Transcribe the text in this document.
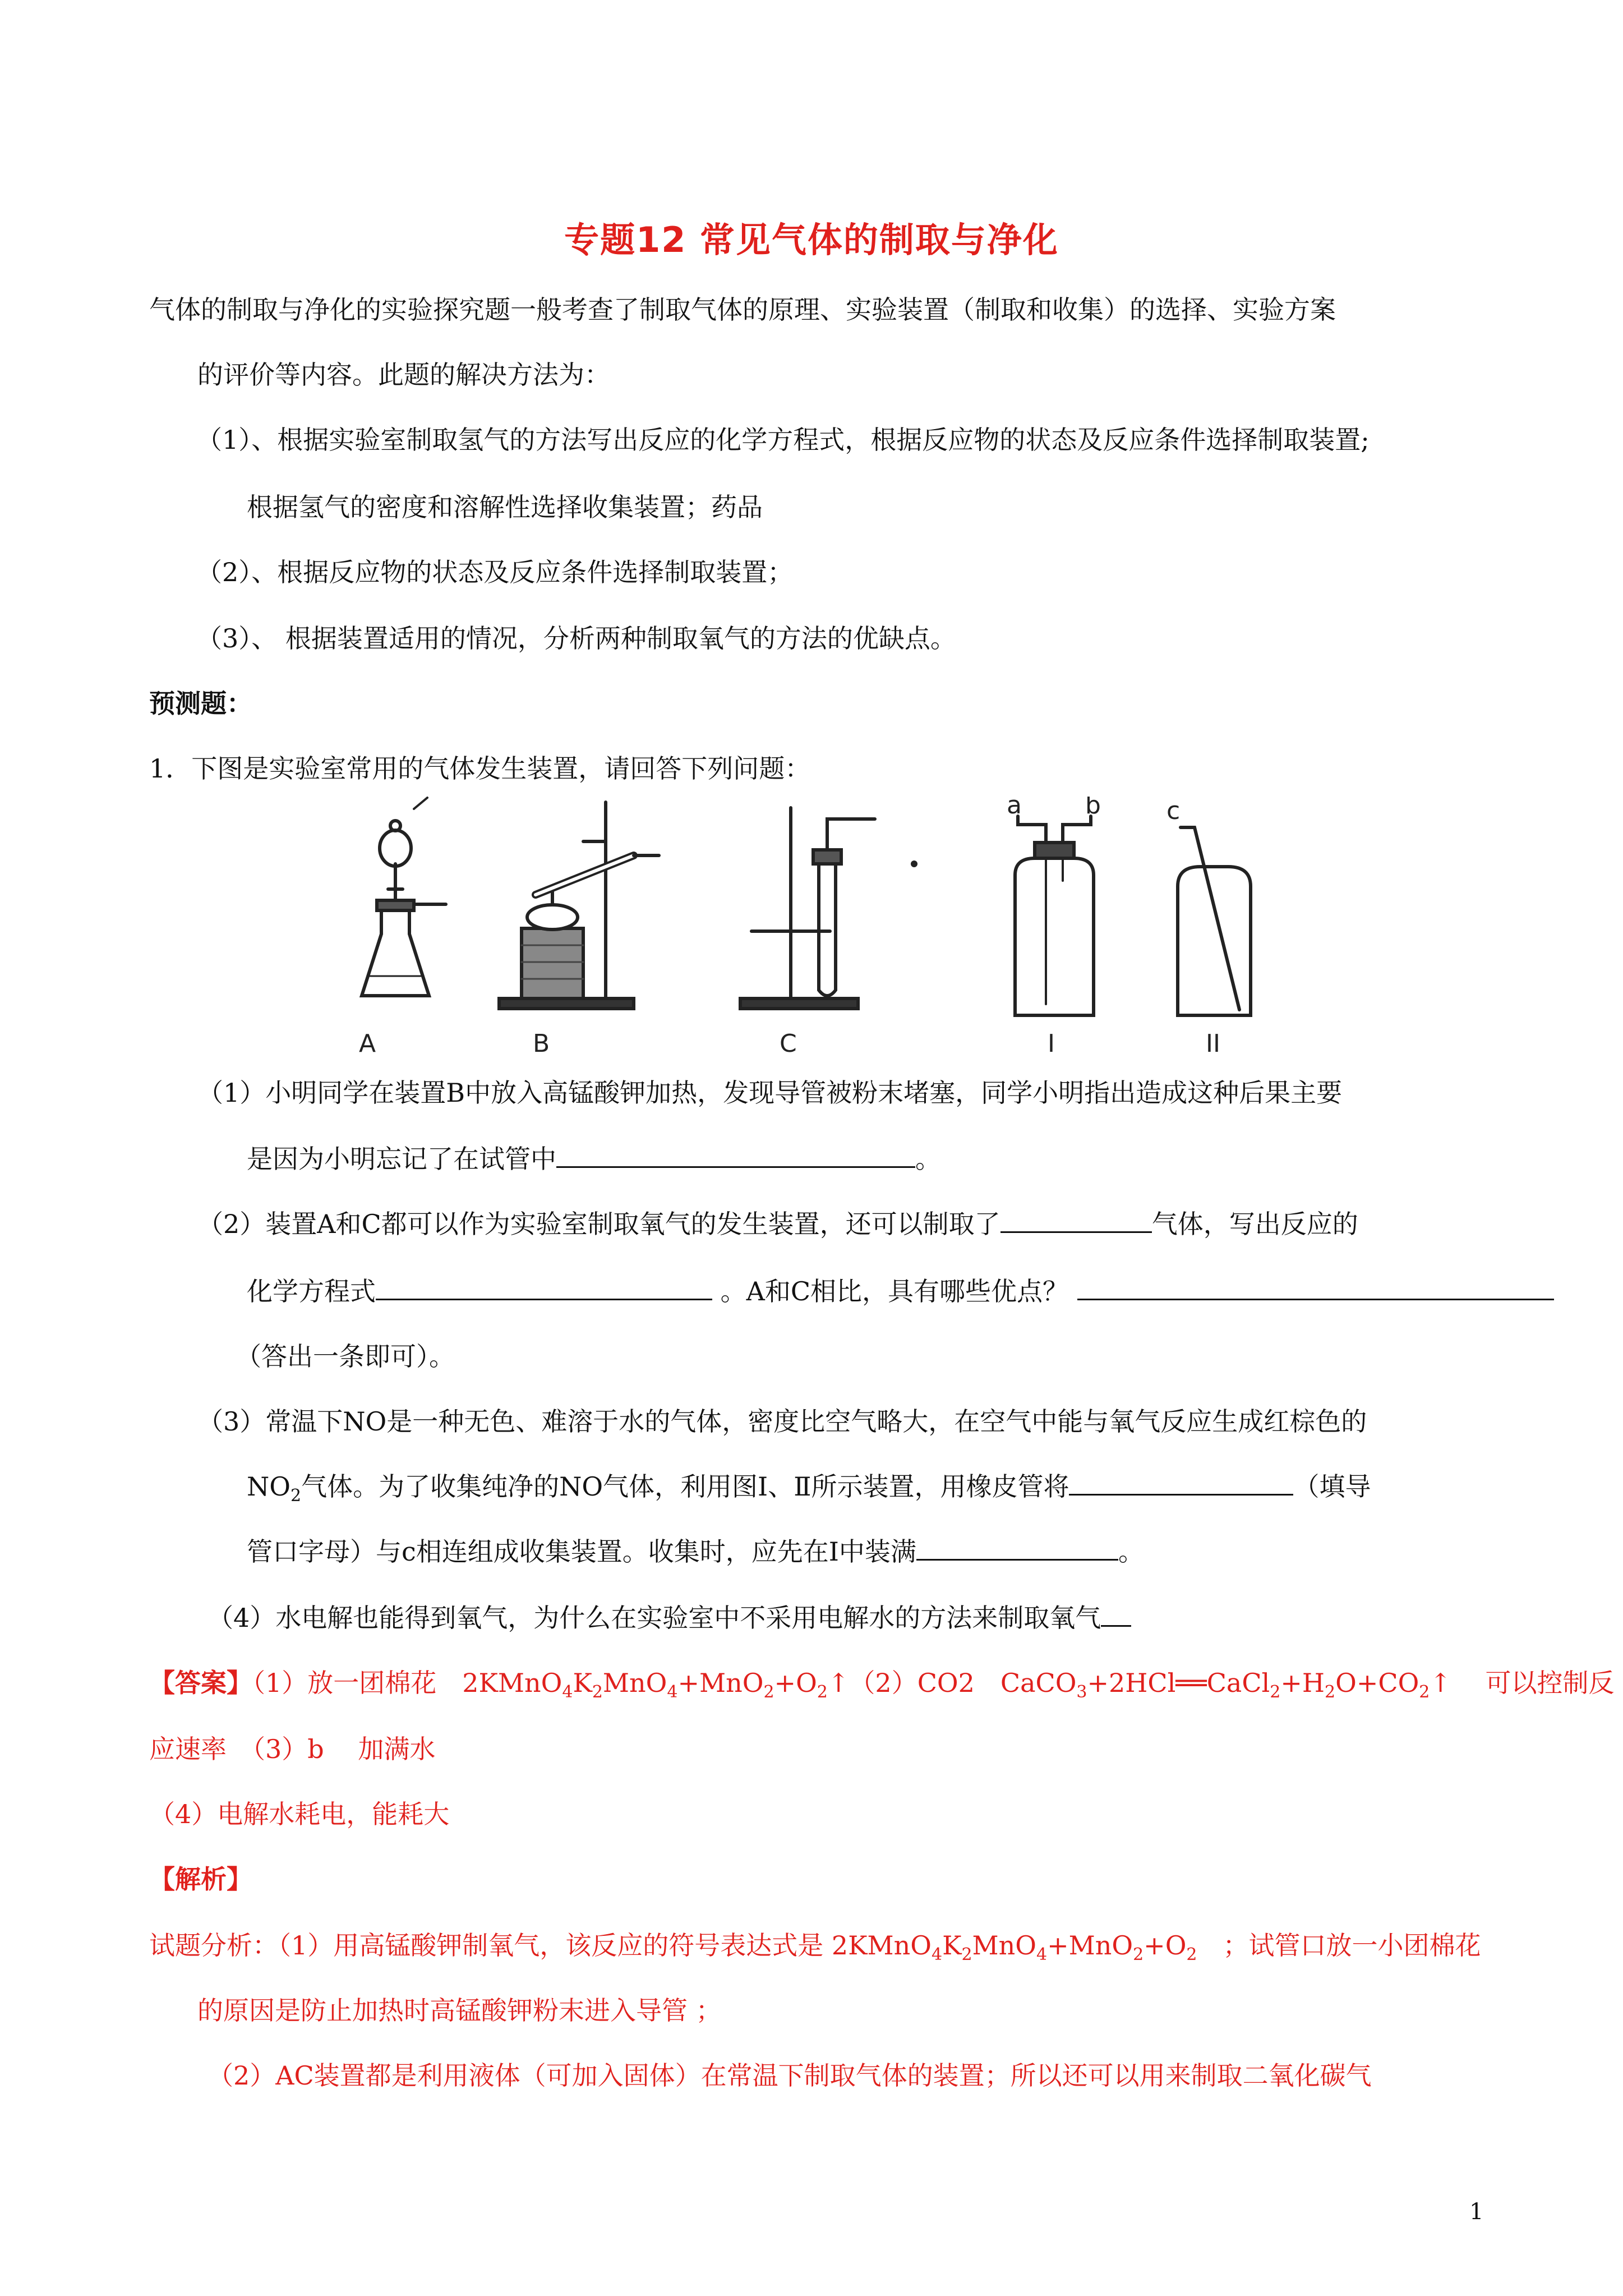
专题12 常见气体的制取与净化
气体的制取与净化的实验探究题一般考查了制取气体的原理、实验装置（制取和收集）的选择、实验方案
的评价等内容。此题的解决方法为：
（1）、根据实验室制取氢气的方法写出反应的化学方程式，根据反应物的状态及反应条件选择制取装置;
根据氢气的密度和溶解性选择收集装置；药品
（2）、根据反应物的状态及反应条件选择制取装置；
（3）、 根据装置适用的情况，分析两种制取氧气的方法的优缺点。
预测题：
1．下图是实验室常用的气体发生装置，请回答下列问题：
A	B	C
a	b
I
c
II
（1）小明同学在装置B中放入高锰酸钾加热，发现导管被粉末堵塞，同学小明指出造成这种后果主要
是因为小明忘记了在试管中	。
（2）装置A和C都可以作为实验室制取氧气的发生装置，还可以制取了	气体，写出反应的
化学方程式	。A和C相比，具有哪些优点？
（答出一条即可）。
（3）常温下NO是一种无色、难溶于水的气体，密度比空气略大，在空气中能与氧气反应生成红棕色的
$NO_2$气体。为了收集纯净的NO气体，利用图Ⅰ、Ⅱ所示装置，用橡皮管将	（填导
管口字母）与c相连组成收集装置。收集时，应先在Ⅰ中装满	。
（4）水电解也能得到氧气，为什么在实验室中不采用电解水的方法来制取氧气
【答案】（1）放一团棉花　$2KMnO_4K_2MnO_4+MnO_2+O_2↑(2)CO2$　$CaCO_3+2HCl══CaCl_2+H_2O+CO_2↑$　 可以控制反
应速率　（3）b　 加满水
（4）电解水耗电，能耗大
【解析】
试题分析：（1）用高锰酸钾制氧气，该反应的符号表达式是 $2KMnO_4K_2MnO_4+MnO_2+O_2$　；试管口放一小团棉花
的原因是防止加热时高锰酸钾粉末进入导管 ；
（2）AC装置都是利用液体（可加入固体）在常温下制取气体的装置；所以还可以用来制取二氧化碳气
1
